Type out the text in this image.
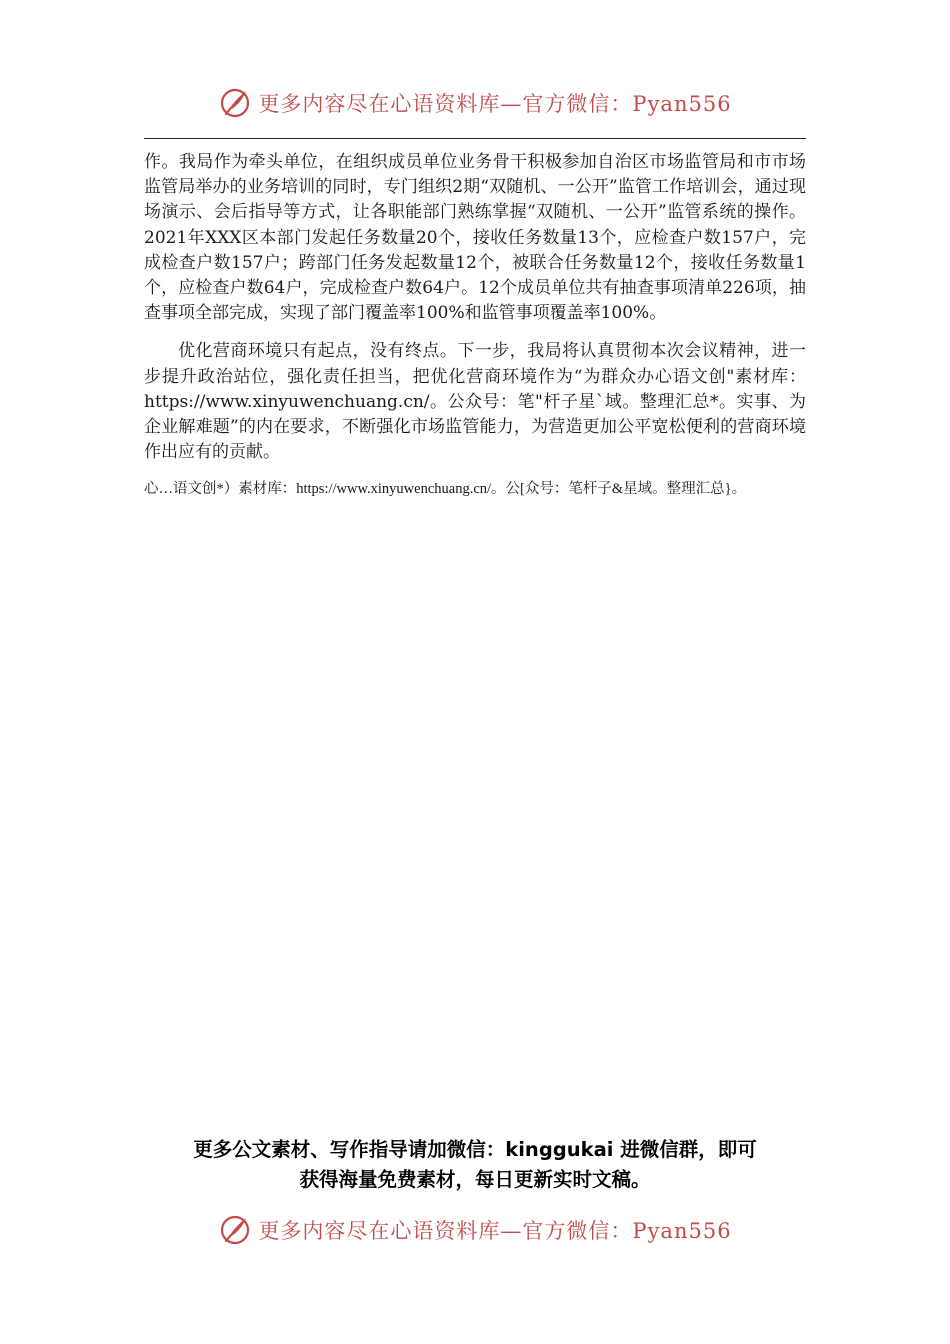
更多内容尽在心语资料库—官方微信：Pyan556

作。我局作为牵头单位，在组织成员单位业务骨干积极参加自治区市场监管局和市市场监管局举办的业务培训的同时，专门组织2期“双随机、一公开”监管工作培训会，通过现场演示、会后指导等方式，让各职能部门熟练掌握“双随机、一公开”监管系统的操作。2021年XXX区本部门发起任务数量20个，接收任务数量13个，应检查户数157户，完成检查户数157户；跨部门任务发起数量12个，被联合任务数量12个，接收任务数量1个，应检查户数64户，完成检查户数64户。12个成员单位共有抽查事项清单226项，抽查事项全部完成，实现了部门覆盖率100%和监管事项覆盖率100%。

优化营商环境只有起点，没有终点。下一步，我局将认真贯彻本次会议精神，进一步提升政治站位，强化责任担当，把优化营商环境作为“为群众办心语文创"素材库：https://www.xinyuwenchuang.cn/。公众号：笔"杆子星`域。整理汇总*。实事、为企业解难题”的内在要求，不断强化市场监管能力，为营造更加公平宽松便利的营商环境作出应有的贡献。

心…语文创*）素材库：https://www.xinyuwenchuang.cn/。公[众号：笔杆子&星域。整理汇总}。

更多公文素材、写作指导请加微信：kinggukai 进微信群，即可
获得海量免费素材，每日更新实时文稿。
更多内容尽在心语资料库—官方微信：Pyan556
